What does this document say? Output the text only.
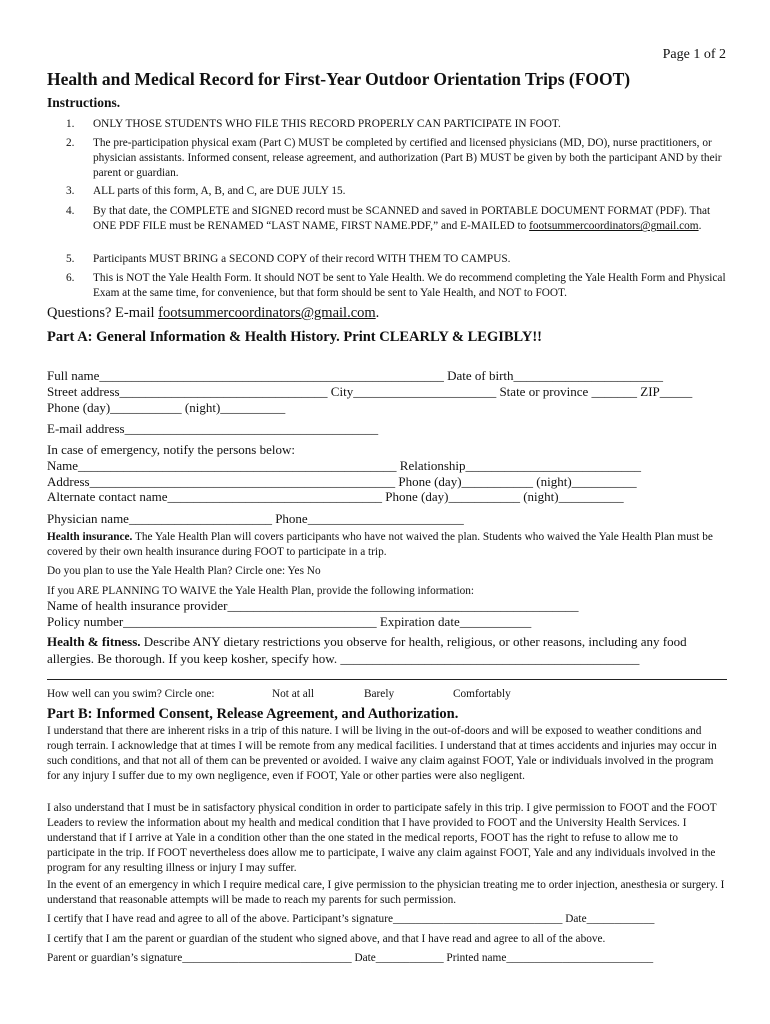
Page 1 of 2
Health and Medical Record for First-Year Outdoor Orientation Trips (FOOT)
Instructions.
1. ONLY THOSE STUDENTS WHO FILE THIS RECORD PROPERLY CAN PARTICIPATE IN FOOT.
2. The pre-participation physical exam (Part C) MUST be completed by certified and licensed physicians (MD, DO), nurse practitioners, or physician assistants. Informed consent, release agreement, and authorization (Part B) MUST be given by both the participant AND by their parent or guardian.
3. ALL parts of this form, A, B, and C, are DUE JULY 15.
4. By that date, the COMPLETE and SIGNED record must be SCANNED and saved in PORTABLE DOCUMENT FORMAT (PDF). That ONE PDF FILE must be RENAMED “LAST NAME, FIRST NAME.PDF,” and E-MAILED to footsummercoordinators@gmail.com.
5. Participants MUST BRING a SECOND COPY of their record WITH THEM TO CAMPUS.
6. This is NOT the Yale Health Form. It should NOT be sent to Yale Health. We do recommend completing the Yale Health Form and Physical Exam at the same time, for convenience, but that form should be sent to Yale Health, and NOT to FOOT.
Questions? E-mail footsummercoordinators@gmail.com.
Part A: General Information & Health History. Print CLEARLY & LEGIBLY!!
Full name_____________________________________________________ Date of birth_______________________
Street address________________________________ City______________________ State or province _______ ZIP_____
Phone (day)___________ (night)__________
E-mail address_______________________________________
In case of emergency, notify the persons below:
Name_________________________________________________ Relationship___________________________
Address_______________________________________________ Phone (day)___________ (night)__________
Alternate contact name_________________________________ Phone (day)___________ (night)__________
Physician name______________________ Phone________________________
Health insurance. The Yale Health Plan will covers participants who have not waived the plan. Students who waived the Yale Health Plan must be covered by their own health insurance during FOOT to participate in a trip.
Do you plan to use the Yale Health Plan? Circle one: Yes No
If you ARE PLANNING TO WAIVE the Yale Health Plan, provide the following information:
Name of health insurance provider______________________________________________________
Policy number_______________________________________ Expiration date___________
Health & fitness. Describe ANY dietary restrictions you observe for health, religious, or other reasons, including any food allergies. Be thorough. If you keep kosher, specify how. ______________________________________________
How well can you swim? Circle one:	Not at all	Barely	Comfortably
Part B: Informed Consent, Release Agreement, and Authorization.
I understand that there are inherent risks in a trip of this nature. I will be living in the out-of-doors and will be exposed to weather conditions and rough terrain. I acknowledge that at times I will be remote from any medical facilities. I understand that at times accidents and injuries may occur in such conditions, and that not all of them can be prevented or avoided. I waive any claim against FOOT, Yale or individuals involved in the program for any injury I suffer due to my own negligence, even if FOOT, Yale or other parties were also negligent.
I also understand that I must be in satisfactory physical condition in order to participate safely in this trip. I give permission to FOOT and the FOOT Leaders to review the information about my health and medical condition that I have provided to FOOT and the University Health Services. I understand that if I arrive at Yale in a condition other than the one stated in the medical reports, FOOT has the right to refuse to allow me to participate in the trip. If FOOT nevertheless does allow me to participate, I waive any claim against FOOT, Yale and any individuals involved in the program for any resulting illness or injury I may suffer.
In the event of an emergency in which I require medical care, I give permission to the physician treating me to order injection, anesthesia or surgery. I understand that reasonable attempts will be made to reach my parents for such permission.
I certify that I have read and agree to all of the above. Participant’s signature______________________________ Date____________
I certify that I am the parent or guardian of the student who signed above, and that I have read and agree to all of the above.
Parent or guardian’s signature______________________________ Date____________ Printed name__________________________
